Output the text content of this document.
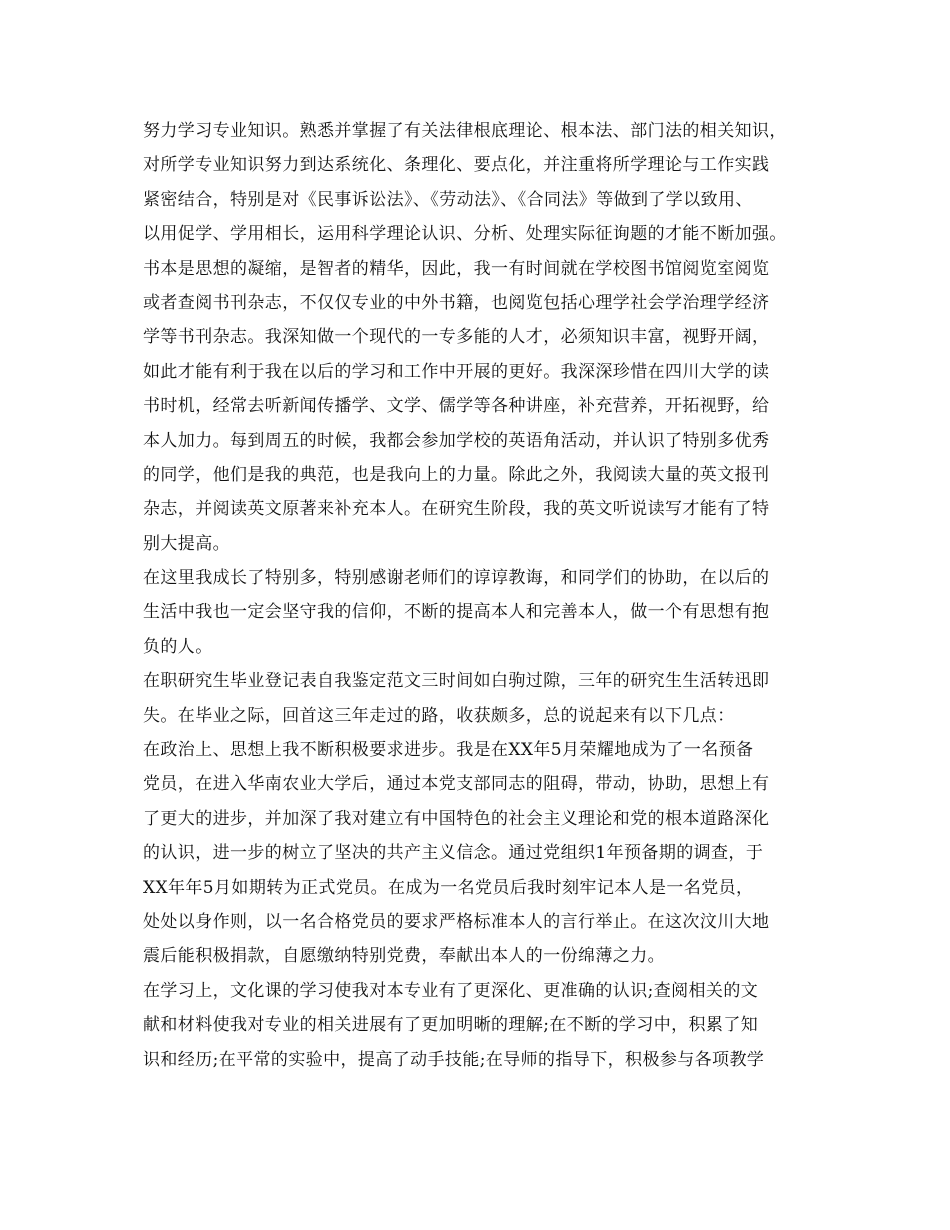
努力学习专业知识。熟悉并掌握了有关法律根底理论、根本法、部门法的相关知识，
对所学专业知识努力到达系统化、条理化、要点化，并注重将所学理论与工作实践
紧密结合，特别是对《民事诉讼法》、《劳动法》、《合同法》等做到了学以致用、
以用促学、学用相长，运用科学理论认识、分析、处理实际征询题的才能不断加强。
书本是思想的凝缩，是智者的精华，因此，我一有时间就在学校图书馆阅览室阅览
或者查阅书刊杂志，不仅仅专业的中外书籍，也阅览包括心理学社会学治理学经济
学等书刊杂志。我深知做一个现代的一专多能的人才，必须知识丰富，视野开阔，
如此才能有利于我在以后的学习和工作中开展的更好。我深深珍惜在四川大学的读
书时机，经常去听新闻传播学、文学、儒学等各种讲座，补充营养，开拓视野，给
本人加力。每到周五的时候，我都会参加学校的英语角活动，并认识了特别多优秀
的同学，他们是我的典范，也是我向上的力量。除此之外，我阅读大量的英文报刊
杂志，并阅读英文原著来补充本人。在研究生阶段，我的英文听说读写才能有了特
别大提高。
在这里我成长了特别多，特别感谢老师们的谆谆教诲，和同学们的协助，在以后的
生活中我也一定会坚守我的信仰，不断的提高本人和完善本人，做一个有思想有抱
负的人。
在职研究生毕业登记表自我鉴定范文三时间如白驹过隙，三年的研究生生活转迅即
失。在毕业之际，回首这三年走过的路，收获颇多，总的说起来有以下几点：
在政治上、思想上我不断积极要求进步。我是在XX年5月荣耀地成为了一名预备
党员，在进入华南农业大学后，通过本党支部同志的阻碍，带动，协助，思想上有
了更大的进步，并加深了我对建立有中国特色的社会主义理论和党的根本道路深化
的认识，进一步的树立了坚决的共产主义信念。通过党组织1年预备期的调查，于
XX年年5月如期转为正式党员。在成为一名党员后我时刻牢记本人是一名党员，
处处以身作则，以一名合格党员的要求严格标准本人的言行举止。在这次汶川大地
震后能积极捐款，自愿缴纳特别党费，奉献出本人的一份绵薄之力。
在学习上，文化课的学习使我对本专业有了更深化、更准确的认识;查阅相关的文
献和材料使我对专业的相关进展有了更加明晰的理解;在不断的学习中，积累了知
识和经历;在平常的实验中，提高了动手技能;在导师的指导下，积极参与各项教学
